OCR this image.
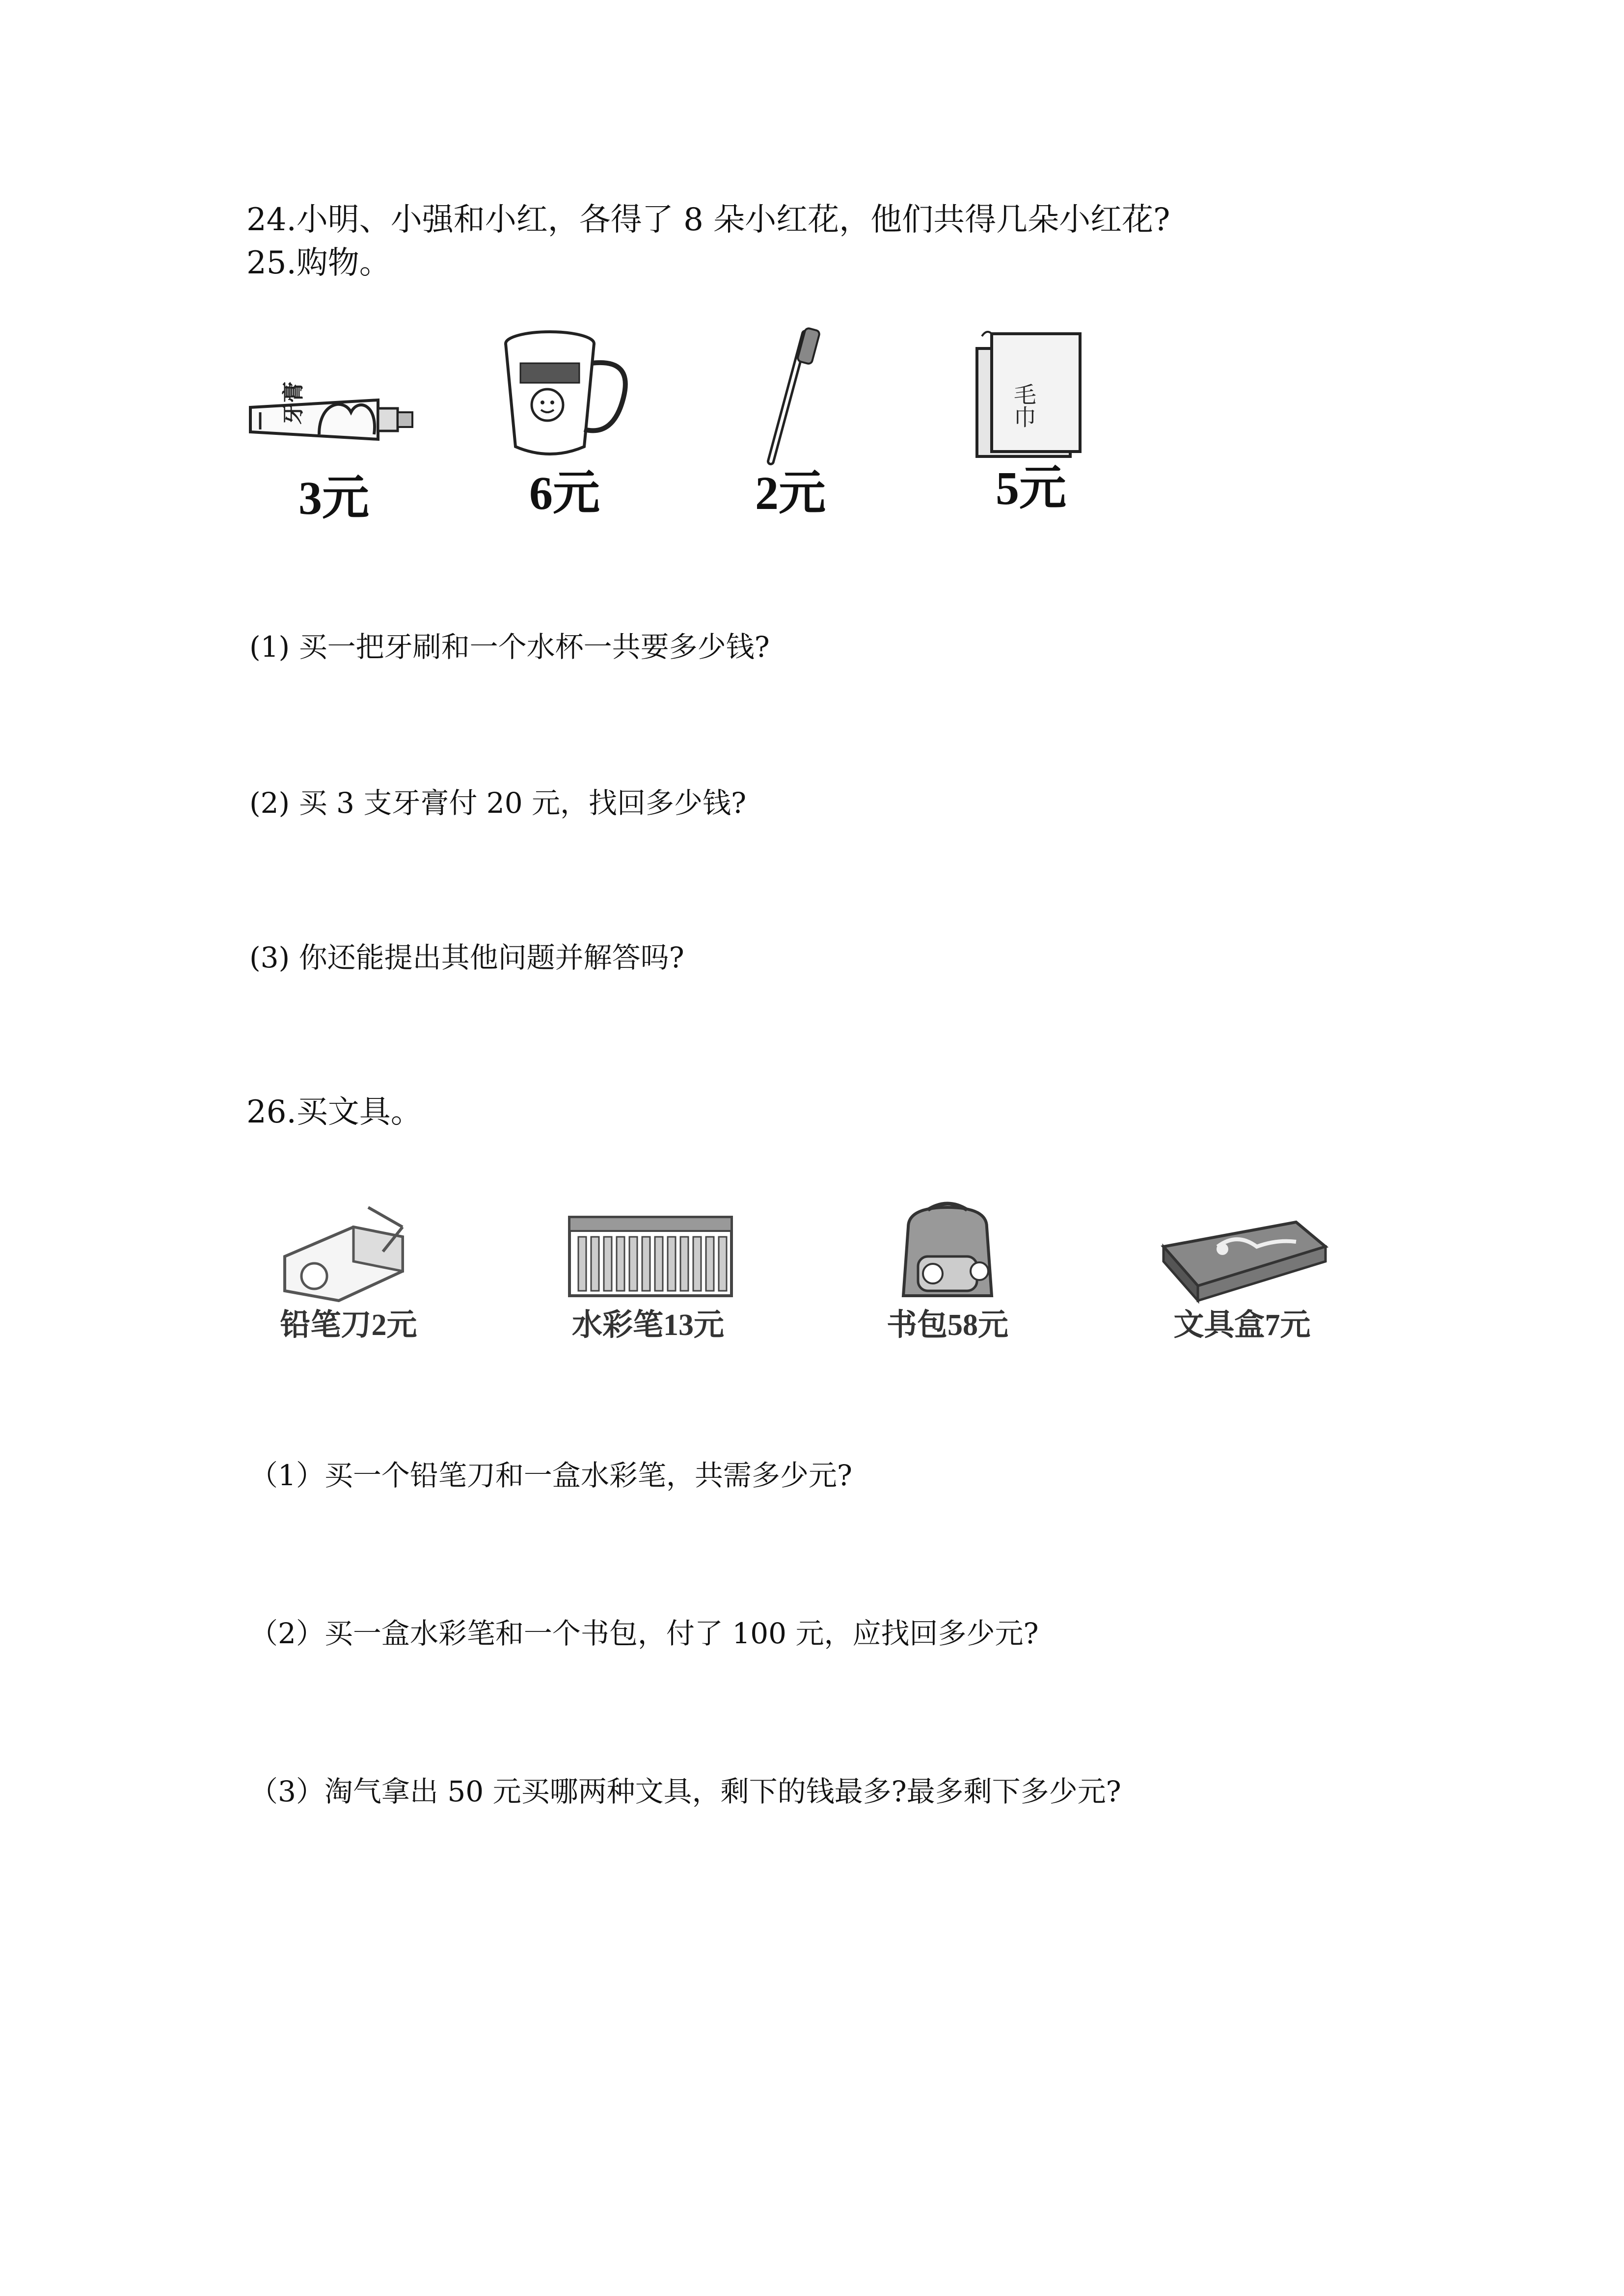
24.小明、小强和小红，各得了 8 朵小红花，他们共得几朵小红花?
25.购物。
牙膏
3元	6元	2元
毛巾
5元
(1) 买一把牙刷和一个水杯一共要多少钱?
(2) 买 3 支牙膏付 20 元，找回多少钱?
(3) 你还能提出其他问题并解答吗?
26.买文具。
铅笔刀2元	水彩笔13元	书包58元	文具盒7元
（1）买一个铅笔刀和一盒水彩笔，共需多少元?
（2）买一盒水彩笔和一个书包，付了 100 元，应找回多少元?
（3）淘气拿出 50 元买哪两种文具，剩下的钱最多?最多剩下多少元?
